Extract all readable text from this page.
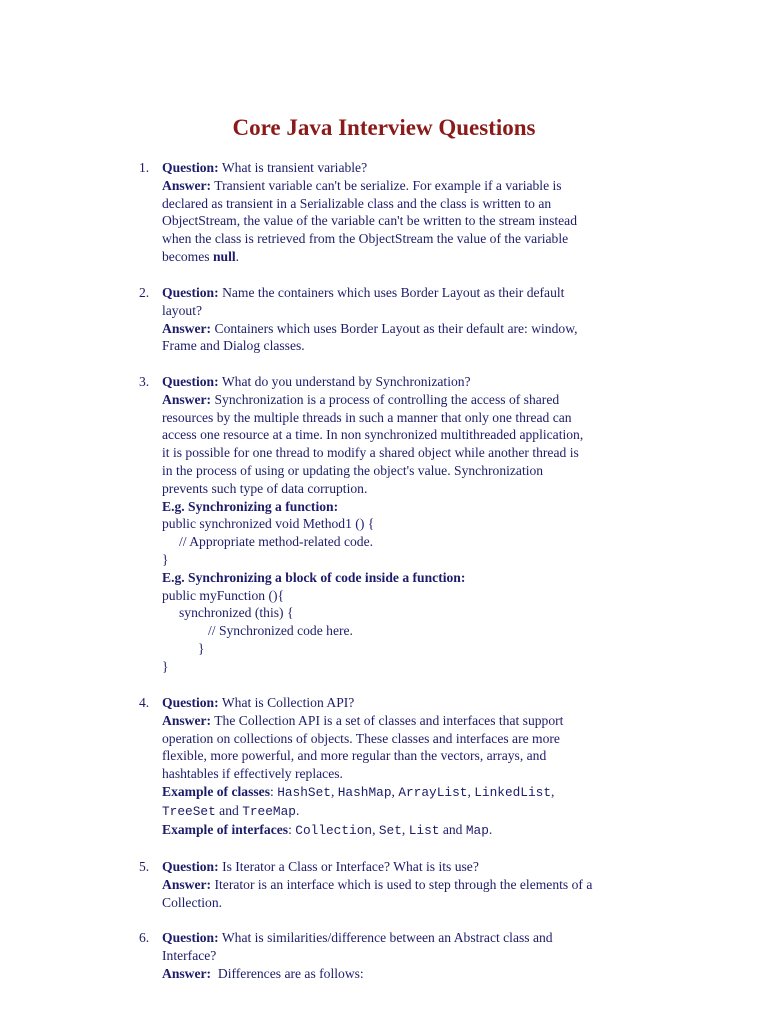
Core Java Interview Questions
1. Question: What is transient variable?

Answer: Transient variable can't be serialize. For example if a variable is

declared as transient in a Serializable class and the class is written to an

ObjectStream, the value of the variable can't be written to the stream instead

when the class is retrieved from the ObjectStream the value of the variable

becomes null.

2. Question: Name the containers which uses Border Layout as their default

layout?

Answer: Containers which uses Border Layout as their default are: window,

Frame and Dialog classes.

3. Question: What do you understand by Synchronization?

Answer: Synchronization is a process of controlling the access of shared

resources by the multiple threads in such a manner that only one thread can

access one resource at a time. In non synchronized multithreaded application,

it is possible for one thread to modify a shared object while another thread is

in the process of using or updating the object's value. Synchronization

prevents such type of data corruption.

E.g. Synchronizing a function:

public synchronized void Method1 () {

// Appropriate method-related code.

}

E.g. Synchronizing a block of code inside a function:

public myFunction (){

synchronized (this) {

// Synchronized code here.

}

}

4. Question: What is Collection API?

Answer: The Collection API is a set of classes and interfaces that support

operation on collections of objects. These classes and interfaces are more

flexible, more powerful, and more regular than the vectors, arrays, and

hashtables if effectively replaces.

Example of classes: HashSet, HashMap, ArrayList, LinkedList,

TreeSet and TreeMap.

Example of interfaces: Collection, Set, List and Map.

5. Question: Is Iterator a Class or Interface? What is its use?

Answer: Iterator is an interface which is used to step through the elements of a

Collection.

6. Question: What is similarities/difference between an Abstract class and

Interface?

Answer: Differences are as follows:
